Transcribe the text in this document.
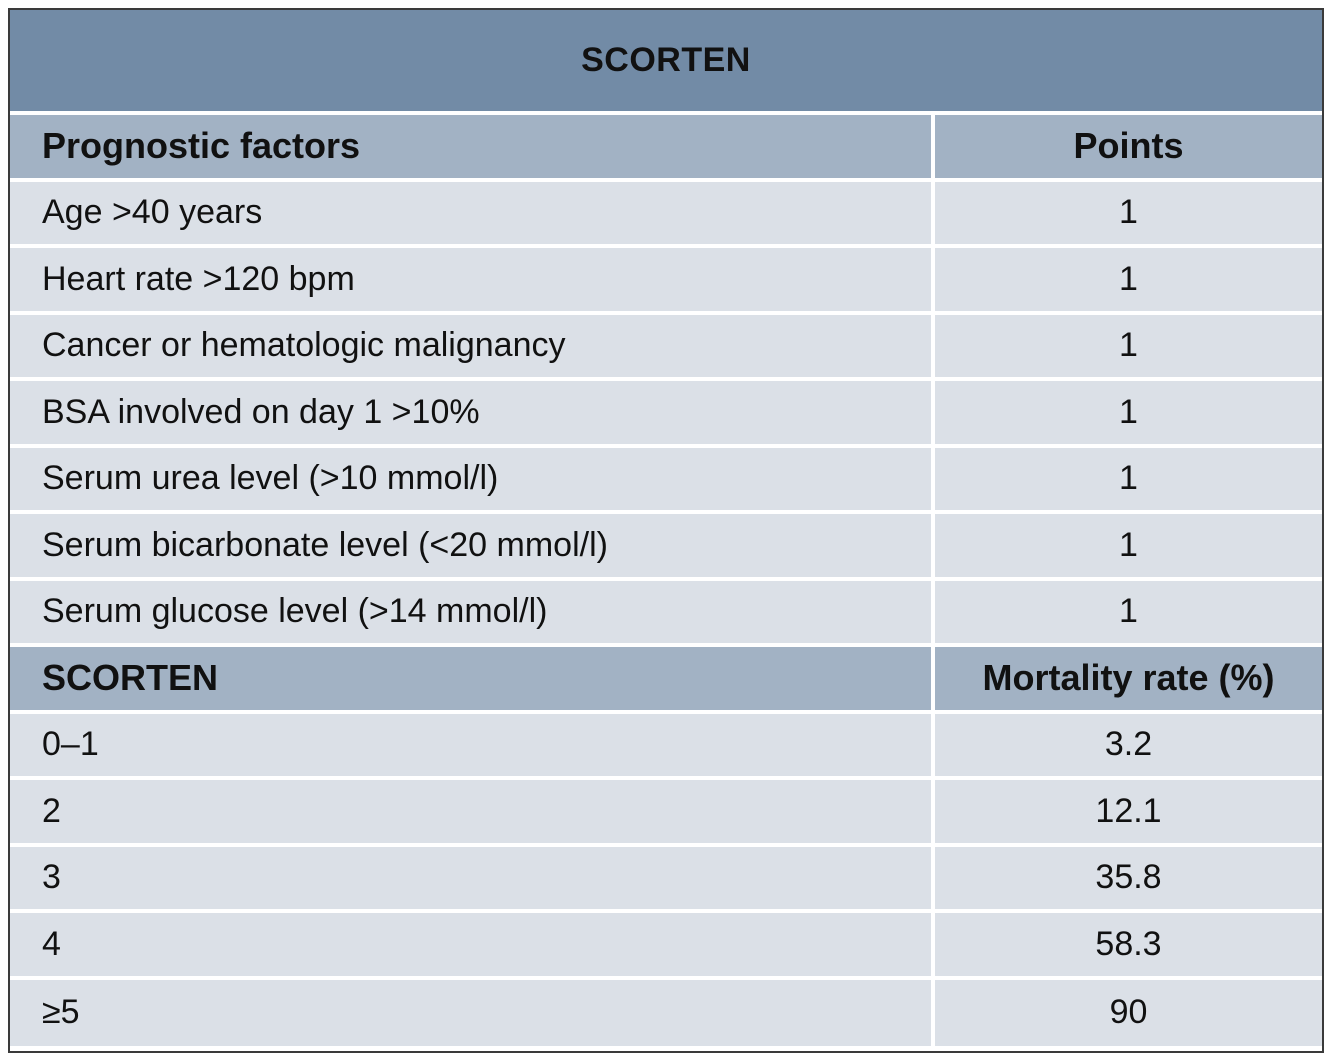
SCORTEN
Prognostic factors	Points
Age >40 years	1
Heart rate >120 bpm	1
Cancer or hematologic malignancy	1
BSA involved on day 1 >10%	1
Serum urea level (>10 mmol/l)	1
Serum bicarbonate level (<20 mmol/l)	1
Serum glucose level (>14 mmol/l)	1
SCORTEN	Mortality rate (%)
0–1	3.2
2	12.1
3	35.8
4	58.3
≥5	90
